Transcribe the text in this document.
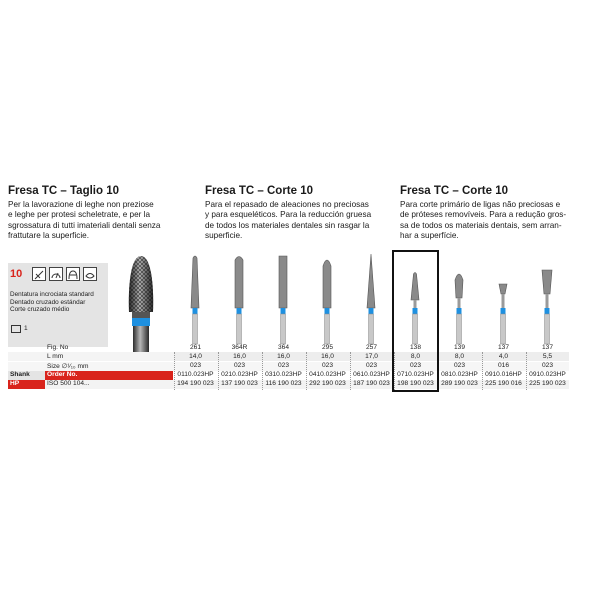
Fresa TC – Taglio 10
Per la lavorazione di leghe non preziose
e leghe per protesi scheletrate, e per la
sgrossatura di tutti imateriali dentali senza
frattutare la superficie.
Fresa TC – Corte 10
Para el repasado de aleaciones no preciosas
y para esqueléticos. Para la reducción gruesa
de todos los materiales dentales sin rasgar la
superficie.
Fresa TC – Corte 10
Para corte primário de ligas não preciosas e
de próteses removíveis. Para a redução gros-
sa de todos os materiais dentais, sem arran-
har a superfície.
10
Dentatura incrociata standard
Dentado cruzado estándar
Corte cruzado médio
1
Fig. No
L mm
Size ∅¹⁄₁₀ mm
Shank	Order No.
HP	ISO 500 104...
261
14,0
023
0110.023HP
194 190 023
364R
16,0
023
0210.023HP
137 190 023
364
16,0
023
0310.023HP
116 190 023
295
16,0
023
0410.023HP
292 190 023
257
17,0
023
0610.023HP
187 190 023
138
8,0
023
0710.023HP
198 190 023
139
8,0
023
0810.023HP
289 190 023
137
4,0
016
0910.016HP
225 190 016
137
5,5
023
0910.023HP
225 190 023
